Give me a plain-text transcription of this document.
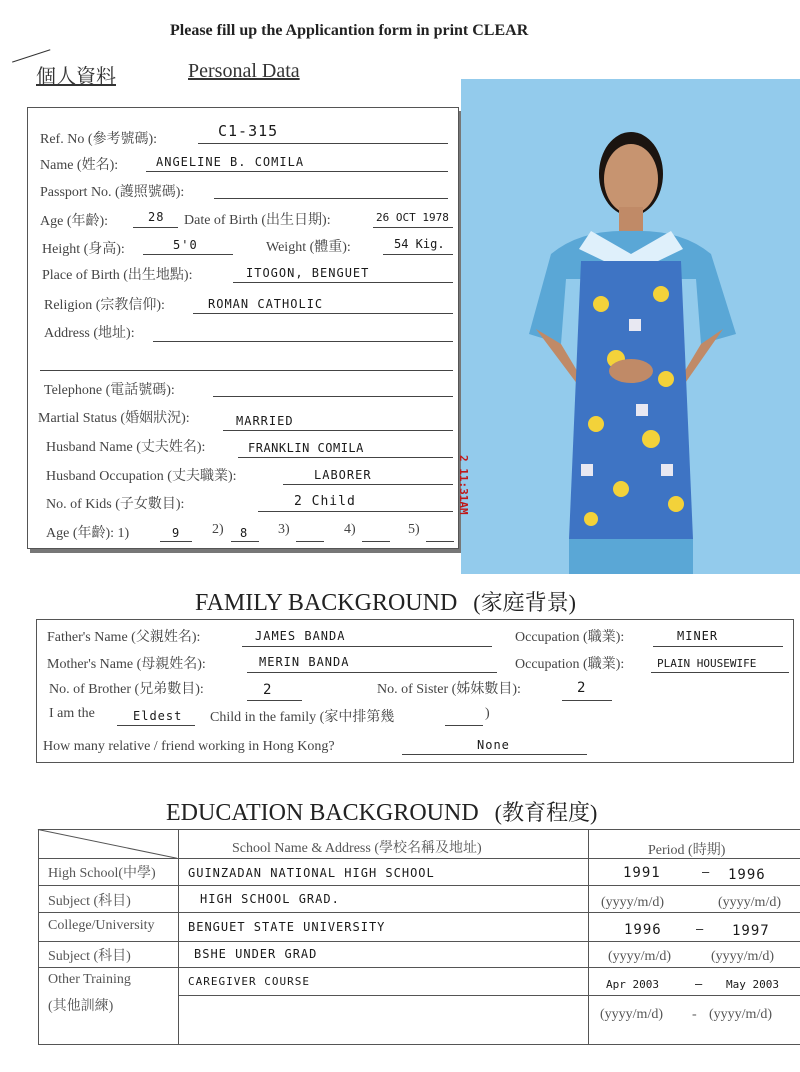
Please fill up the Applicantion form in print CLEAR
個人資料	Personal Data
Ref. No (參考號碼):	C1-315
Name (姓名):	ANGELINE B. COMILA
Passport No. (護照號碼):
Age (年齡):	28 Date of Birth (出生日期):	26 OCT 1978
Height (身高):	5'0	Weight (體重):	54 Kig.
Place of Birth (出生地點):	ITOGON, BENGUET
Religion (宗教信仰):	ROMAN CATHOLIC
Address (地址):
Telephone (電話號碼):
Martial Status (婚姻狀況):	MARRIED
Husband Name (丈夫姓名):	FRANKLIN COMILA
Husband Occupation (丈夫職業):	LABORER
No. of Kids (子女數目):	2 Child
Age (年齡): 1)	9 2) 8 3)	4)	5)
2 11:31AM
FAMILY BACKGROUND (家庭背景)
Father's Name (父親姓名):	JAMES BANDA	Occupation (職業):	MINER
Mother's Name (母親姓名):	MERIN BANDA	Occupation (職業):	PLAIN HOUSEWIFE
No. of Brother (兄弟數目):	2	No. of Sister (姊妹數目):	2
I am the	Eldest Child in the family (家中排第幾	)
How many relative / friend working in Hong Kong?	None
EDUCATION BACKGROUND (教育程度)
School Name & Address (學校名稱及地址)	Period (時期)
High School(中學)	GUINZADAN NATIONAL HIGH SCHOOL	1991	— 1996
Subject (科目)	HIGH SCHOOL GRAD.	(yyyy/m/d)	(yyyy/m/d)
College/University	BENGUET STATE UNIVERSITY	1996	— 1997
Subject (科目)	BSHE UNDER GRAD	(yyyy/m/d)	(yyyy/m/d)
Other Training	CAREGIVER COURSE	Apr 2003	— May 2003
(其他訓練)
(yyyy/m/d) - (yyyy/m/d)
